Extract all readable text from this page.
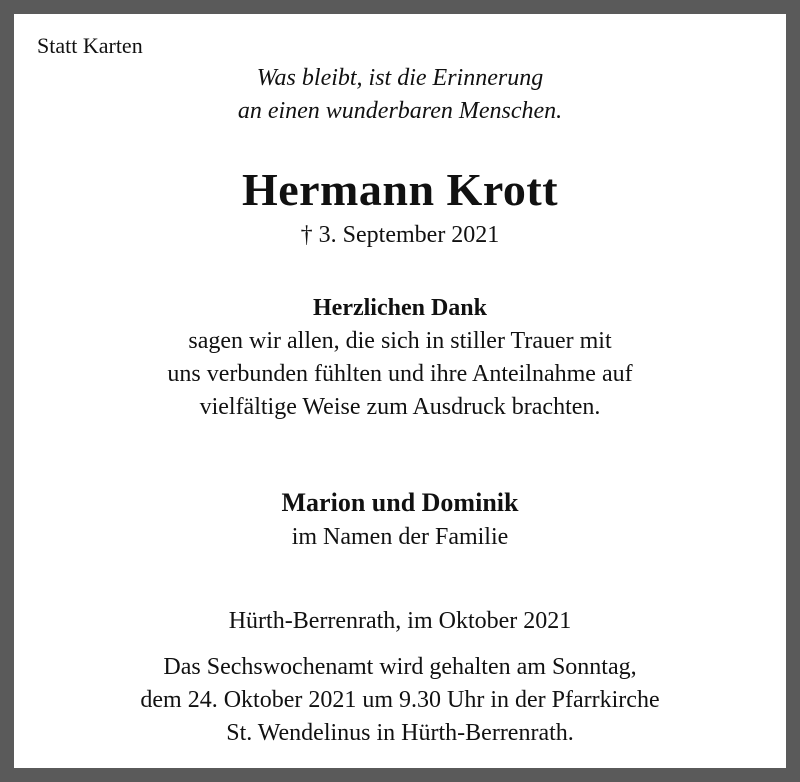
Statt Karten
Was bleibt, ist die Erinnerung
an einen wunderbaren Menschen.
Hermann Krott
† 3. September 2021
Herzlichen Dank
sagen wir allen, die sich in stiller Trauer mit
uns verbunden fühlten und ihre Anteilnahme auf
vielfältige Weise zum Ausdruck brachten.
Marion und Dominik
im Namen der Familie
Hürth-Berrenrath, im Oktober 2021
Das Sechswochenamt wird gehalten am Sonntag,
dem 24. Oktober 2021 um 9.30 Uhr in der Pfarrkirche
St. Wendelinus in Hürth-Berrenrath.
